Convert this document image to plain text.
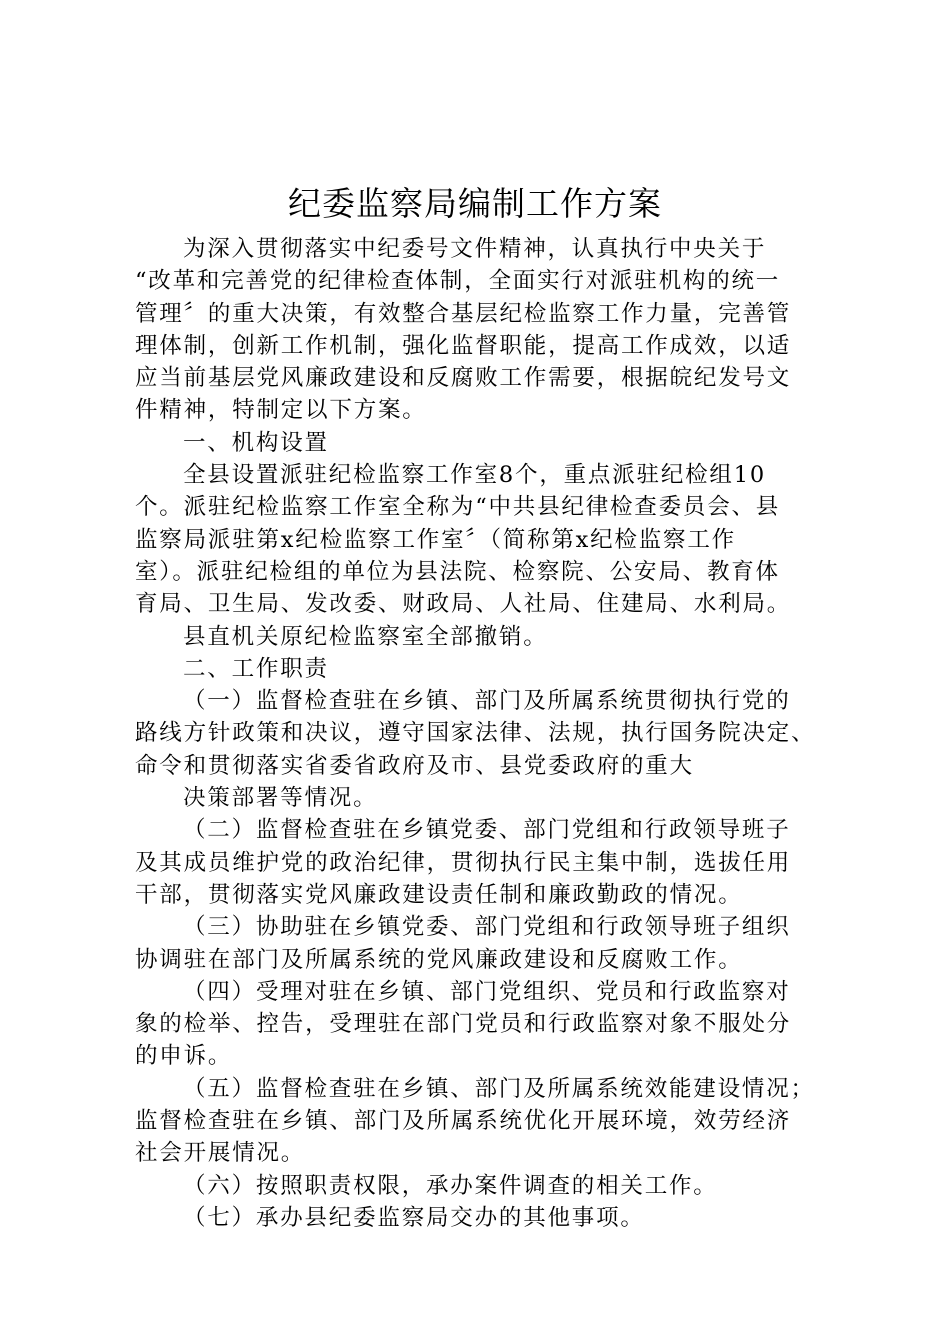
纪委监察局编制工作方案
为深入贯彻落实中纪委号文件精神，认真执行中央关于
“改革和完善党的纪律检查体制，全面实行对派驻机构的统一
管理〞的重大决策，有效整合基层纪检监察工作力量，完善管
理体制，创新工作机制，强化监督职能，提高工作成效，以适
应当前基层党风廉政建设和反腐败工作需要，根据皖纪发号文
件精神，特制定以下方案。
一、机构设置
全县设置派驻纪检监察工作室8个，重点派驻纪检组10
个。派驻纪检监察工作室全称为“中共县纪律检查委员会、县
监察局派驻第x纪检监察工作室〞（简称第x纪检监察工作
室）。派驻纪检组的单位为县法院、检察院、公安局、教育体
育局、卫生局、发改委、财政局、人社局、住建局、水利局。
县直机关原纪检监察室全部撤销。
二、工作职责
（一）监督检查驻在乡镇、部门及所属系统贯彻执行党的
路线方针政策和决议，遵守国家法律、法规，执行国务院决定、
命令和贯彻落实省委省政府及市、县党委政府的重大
决策部署等情况。
（二）监督检查驻在乡镇党委、部门党组和行政领导班子
及其成员维护党的政治纪律，贯彻执行民主集中制，选拔任用
干部，贯彻落实党风廉政建设责任制和廉政勤政的情况。
（三）协助驻在乡镇党委、部门党组和行政领导班子组织
协调驻在部门及所属系统的党风廉政建设和反腐败工作。
（四）受理对驻在乡镇、部门党组织、党员和行政监察对
象的检举、控告，受理驻在部门党员和行政监察对象不服处分
的申诉。
（五）监督检查驻在乡镇、部门及所属系统效能建设情况；
监督检查驻在乡镇、部门及所属系统优化开展环境，效劳经济
社会开展情况。
（六）按照职责权限，承办案件调查的相关工作。
（七）承办县纪委监察局交办的其他事项。
